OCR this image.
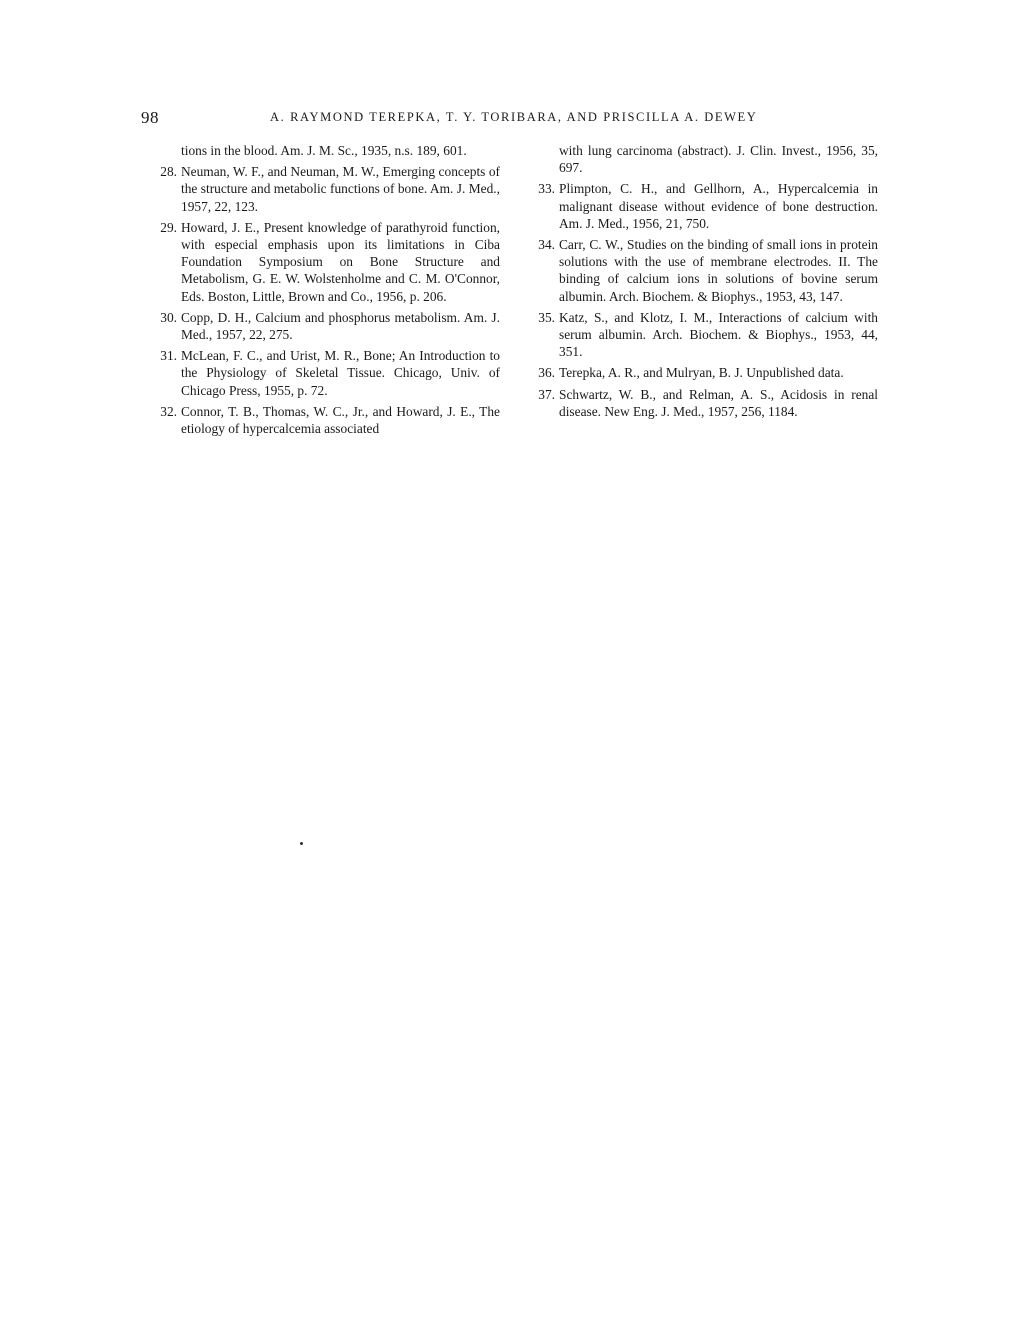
98	A. RAYMOND TEREPKA, T. Y. TORIBARA, AND PRISCILLA A. DEWEY

tions in the blood. Am. J. M. Sc., 1935, n.s. 189, 601.

28. Neuman, W. F., and Neuman, M. W., Emerging concepts of the structure and metabolic functions of bone. Am. J. Med., 1957, 22, 123.
29. Howard, J. E., Present knowledge of parathyroid function, with especial emphasis upon its limitations in Ciba Foundation Symposium on Bone Structure and Metabolism, G. E. W. Wolstenholme and C. M. O'Connor, Eds. Boston, Little, Brown and Co., 1956, p. 206.
30. Copp, D. H., Calcium and phosphorus metabolism. Am. J. Med., 1957, 22, 275.
31. McLean, F. C., and Urist, M. R., Bone; An Introduction to the Physiology of Skeletal Tissue. Chicago, Univ. of Chicago Press, 1955, p. 72.
32. Connor, T. B., Thomas, W. C., Jr., and Howard, J. E., The etiology of hypercalcemia associated

with lung carcinoma (abstract). J. Clin. Invest., 1956, 35, 697.

33. Plimpton, C. H., and Gellhorn, A., Hypercalcemia in malignant disease without evidence of bone destruction. Am. J. Med., 1956, 21, 750.
34. Carr, C. W., Studies on the binding of small ions in protein solutions with the use of membrane electrodes. II. The binding of calcium ions in solutions of bovine serum albumin. Arch. Biochem. & Biophys., 1953, 43, 147.
35. Katz, S., and Klotz, I. M., Interactions of calcium with serum albumin. Arch. Biochem. & Biophys., 1953, 44, 351.
36. Terepka, A. R., and Mulryan, B. J. Unpublished data.
37. Schwartz, W. B., and Relman, A. S., Acidosis in renal disease. New Eng. J. Med., 1957, 256, 1184.
